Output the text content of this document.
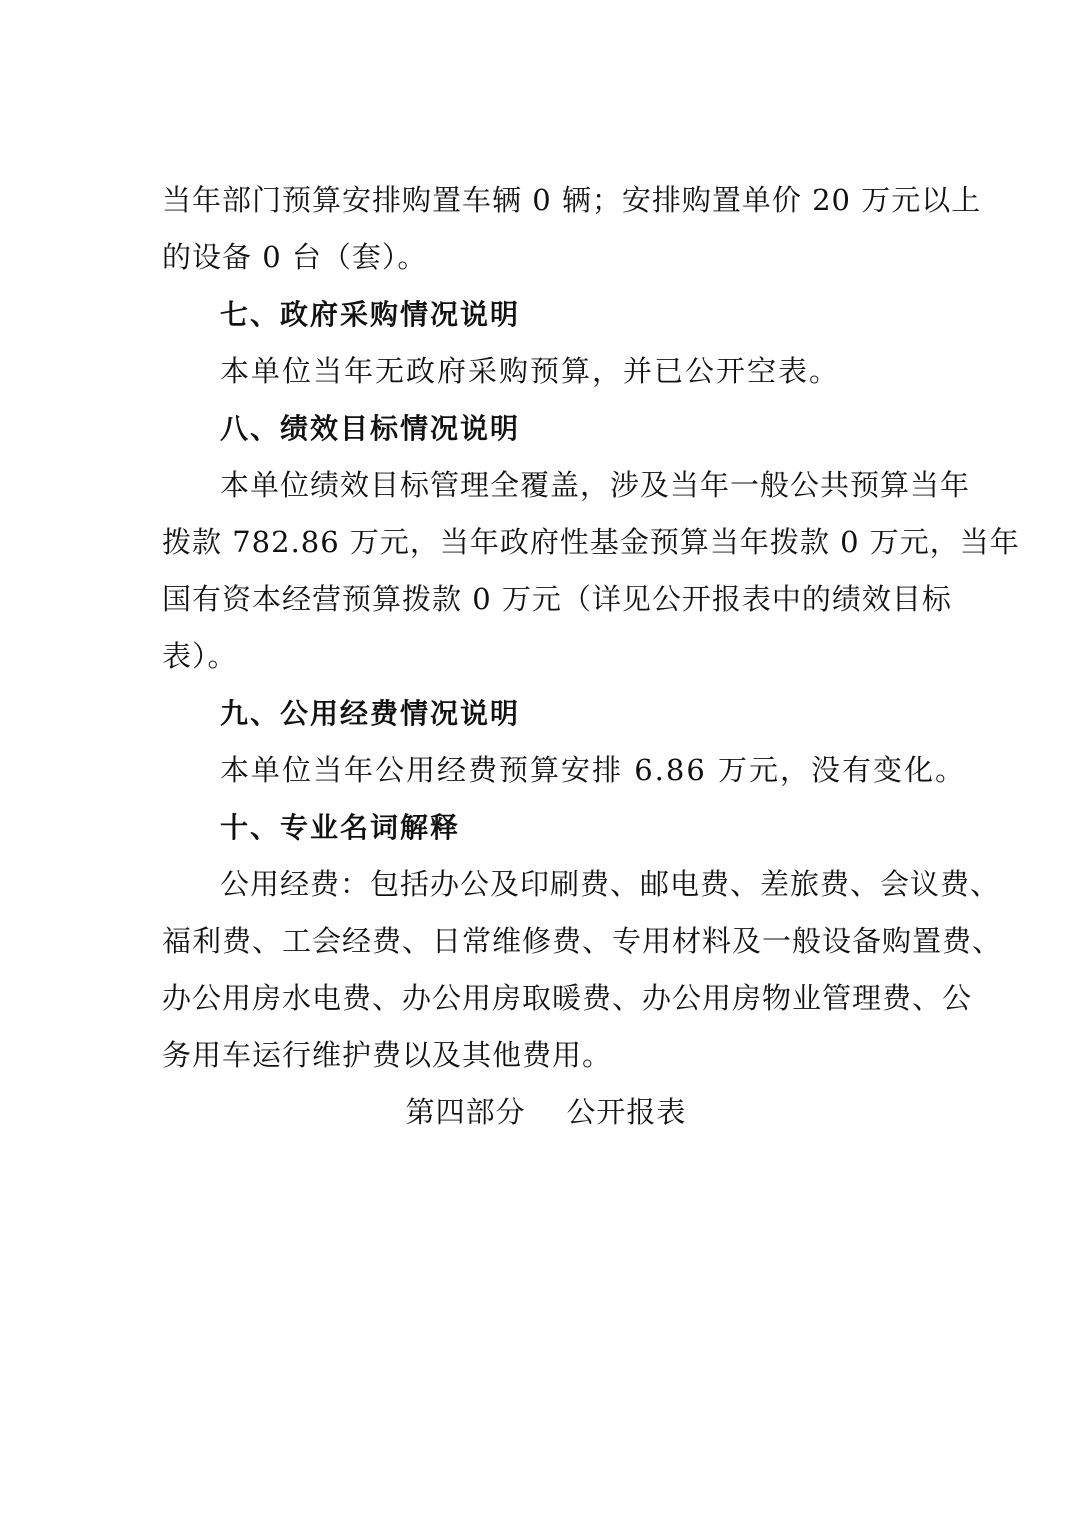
当年部门预算安排购置车辆 0 辆；安排购置单价 20 万元以上
的设备 0 台（套）。
七、政府采购情况说明
本单位当年无政府采购预算，并已公开空表。
八、绩效目标情况说明
本单位绩效目标管理全覆盖，涉及当年一般公共预算当年
拨款 782.86 万元，当年政府性基金预算当年拨款 0 万元，当年
国有资本经营预算拨款 0 万元（详见公开报表中的绩效目标
表）。
九、公用经费情况说明
本单位当年公用经费预算安排 6.86 万元，没有变化。
十、专业名词解释
公用经费：包括办公及印刷费、邮电费、差旅费、会议费、
福利费、工会经费、日常维修费、专用材料及一般设备购置费、
办公用房水电费、办公用房取暖费、办公用房物业管理费、公
务用车运行维护费以及其他费用。
第四部分    公开报表
